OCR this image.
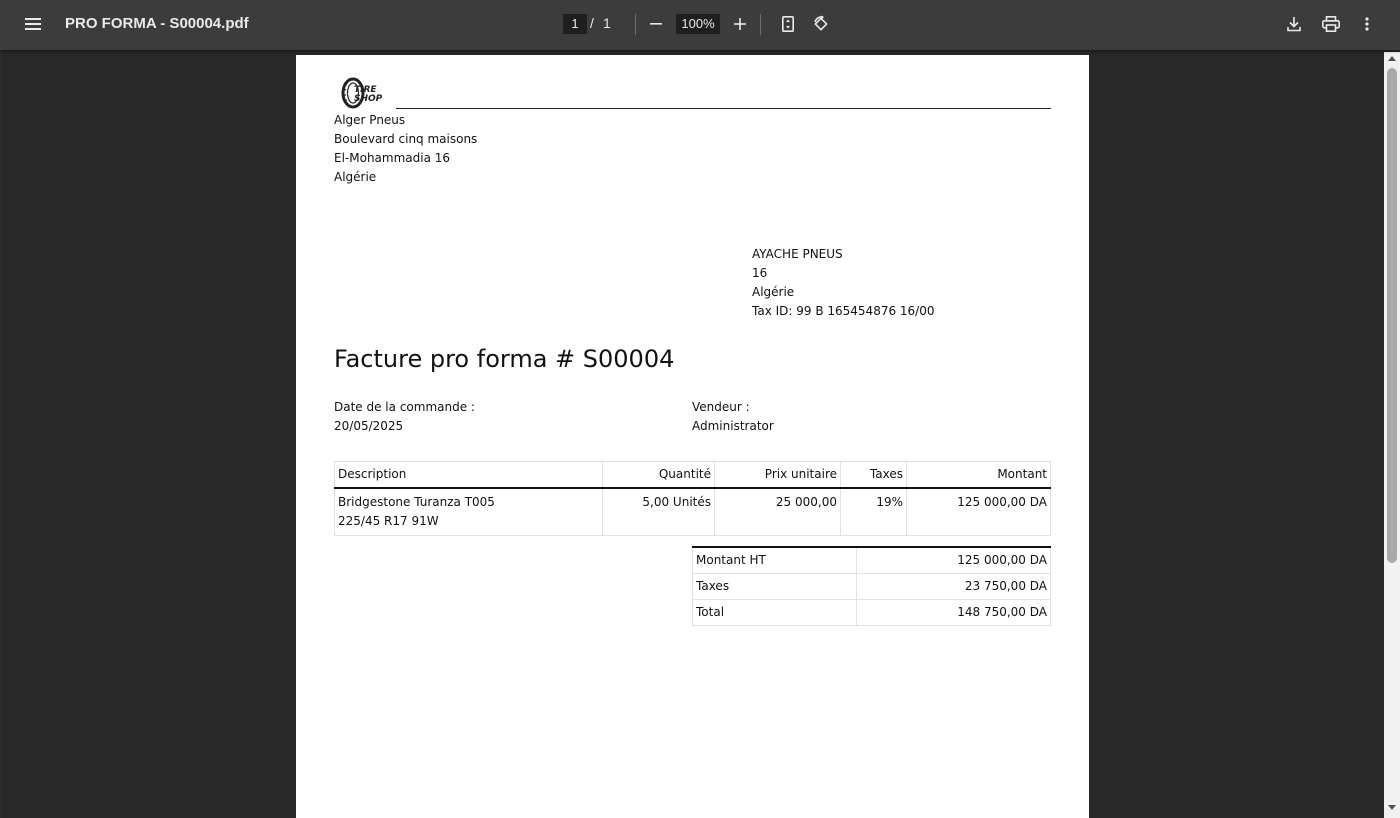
PRO FORMA - S00004.pdf	1 / 1	100%
TIRE
SHOP
Alger Pneus
Boulevard cinq maisons
El-Mohammadia 16
Algérie
AYACHE PNEUS
16
Algérie
Tax ID: 99 B 165454876 16/00
Facture pro forma # S00004
Date de la commande :
20/05/2025
Vendeur :
Administrator
Description	Quantité	Prix unitaire	Taxes	Montant
Bridgestone Turanza T005
225/45 R17 91W	5,00 Unités	25 000,00	19%	125 000,00 DA
Montant HT	125 000,00 DA
Taxes	23 750,00 DA
Total	148 750,00 DA
